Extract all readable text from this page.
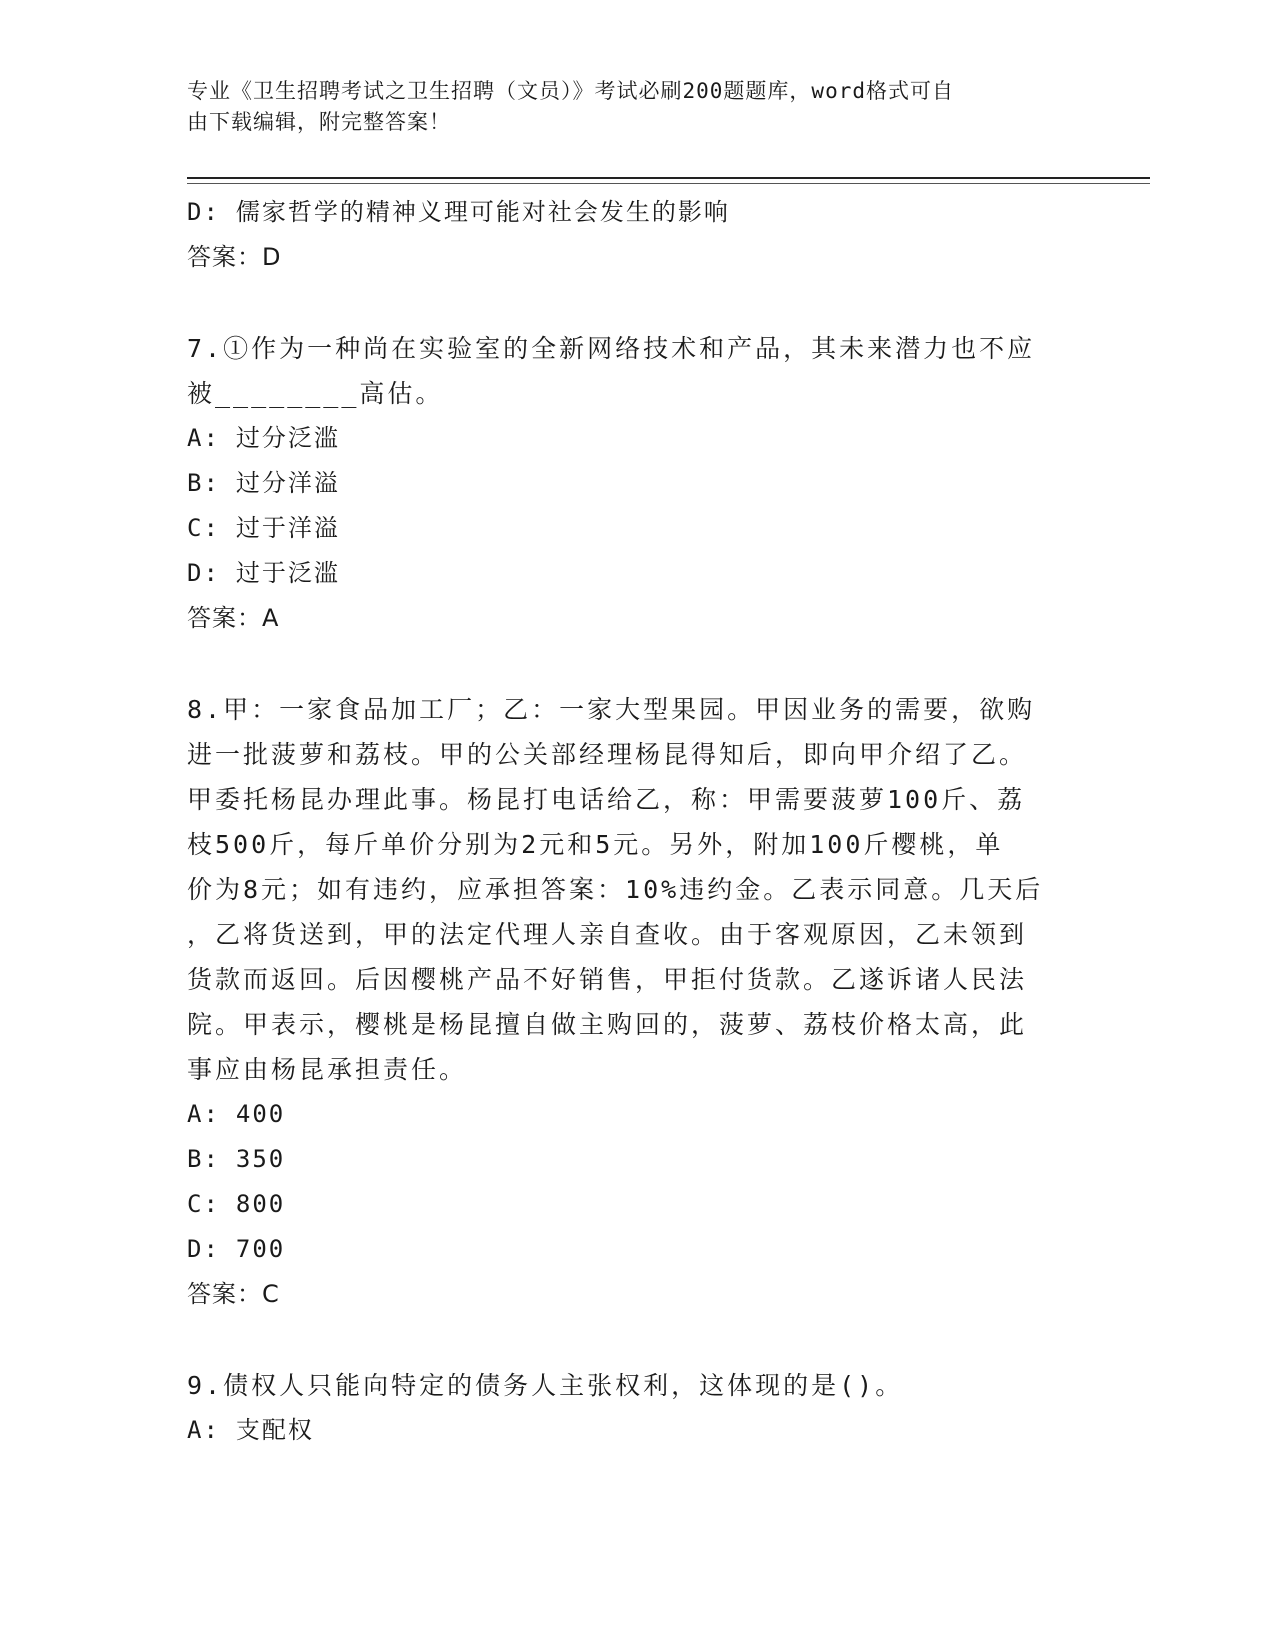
专业《卫生招聘考试之卫生招聘（文员）》考试必刷200题题库，word格式可自
由下载编辑，附完整答案！
D: 儒家哲学的精神义理可能对社会发生的影响
答案：D
7.①作为一种尚在实验室的全新网络技术和产品，其未来潜力也不应
被________高估。
A: 过分泛滥
B: 过分洋溢
C: 过于洋溢
D: 过于泛滥
答案：A
8.甲：一家食品加工厂；乙：一家大型果园。甲因业务的需要，欲购
进一批菠萝和荔枝。甲的公关部经理杨昆得知后，即向甲介绍了乙。
甲委托杨昆办理此事。杨昆打电话给乙，称：甲需要菠萝100斤、荔
枝500斤，每斤单价分别为2元和5元。另外，附加100斤樱桃，单
价为8元；如有违约，应承担答案：10%违约金。乙表示同意。几天后
，乙将货送到，甲的法定代理人亲自查收。由于客观原因，乙未领到
货款而返回。后因樱桃产品不好销售，甲拒付货款。乙遂诉诸人民法
院。甲表示，樱桃是杨昆擅自做主购回的，菠萝、荔枝价格太高，此
事应由杨昆承担责任。
A: 400
B: 350
C: 800
D: 700
答案：C
9.债权人只能向特定的债务人主张权利，这体现的是()。
A: 支配权
